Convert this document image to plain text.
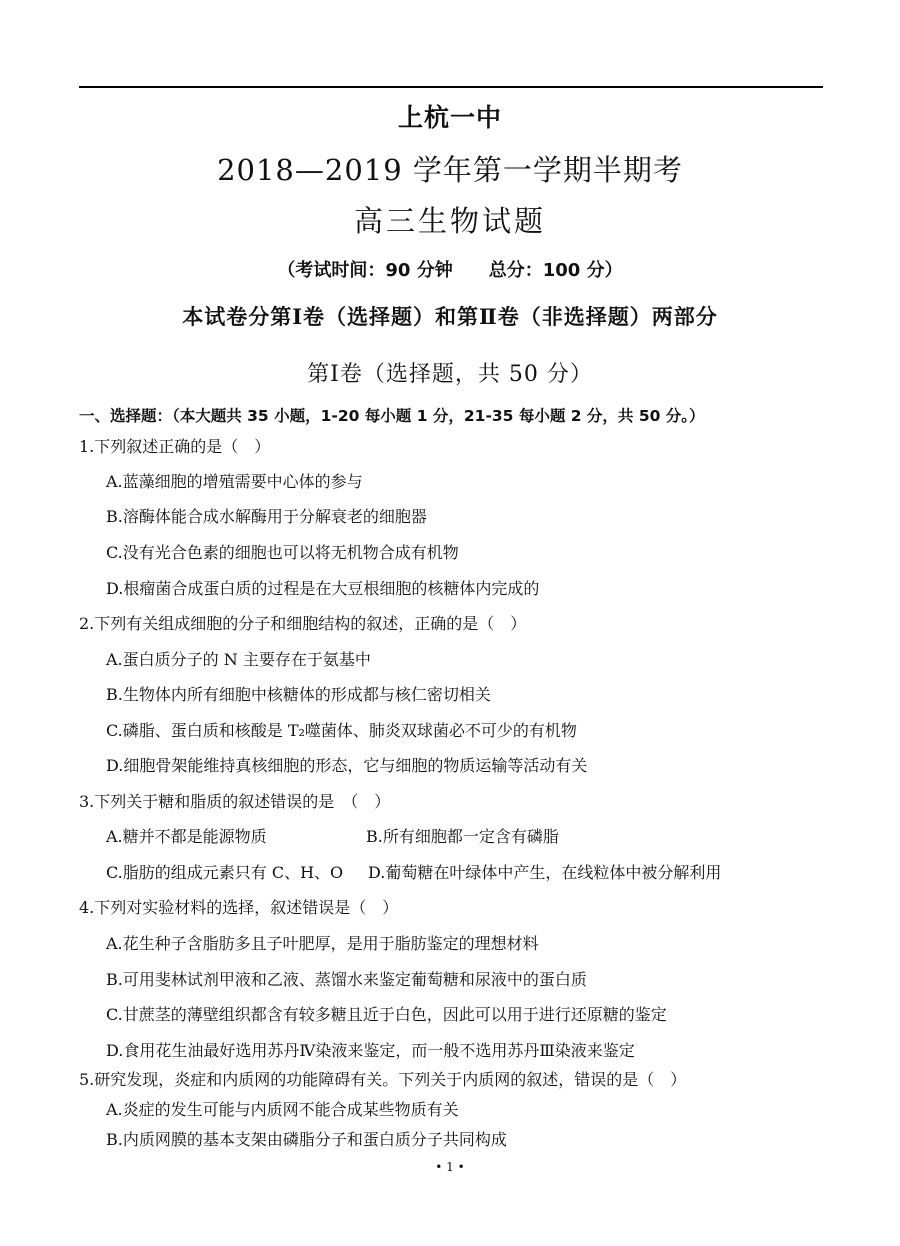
上杭一中
2018—2019 学年第一学期半期考
高三生物试题
（考试时间：90 分钟 总分：100 分）
本试卷分第Ⅰ卷（选择题）和第Ⅱ卷（非选择题）两部分
第Ⅰ卷（选择题，共 50 分）
一、选择题：（本大题共 35 小题，1-20 每小题 1 分，21-35 每小题 2 分，共 50 分。）
1.下列叙述正确的是（　）
A.蓝藻细胞的增殖需要中心体的参与
B.溶酶体能合成水解酶用于分解衰老的细胞器
C.没有光合色素的细胞也可以将无机物合成有机物
D.根瘤菌合成蛋白质的过程是在大豆根细胞的核糖体内完成的
2.下列有关组成细胞的分子和细胞结构的叙述，正确的是（　）
A.蛋白质分子的 N 主要存在于氨基中
B.生物体内所有细胞中核糖体的形成都与核仁密切相关
C.磷脂、蛋白质和核酸是 T₂噬菌体、肺炎双球菌必不可少的有机物
D.细胞骨架能维持真核细胞的形态，它与细胞的物质运输等活动有关
3.下列关于糖和脂质的叙述错误的是　（　）
A.糖并不都是能源物质	B.所有细胞都一定含有磷脂
C.脂肪的组成元素只有 C、H、O D.葡萄糖在叶绿体中产生，在线粒体中被分解利用
4.下列对实验材料的选择，叙述错误是（　）
A.花生种子含脂肪多且子叶肥厚，是用于脂肪鉴定的理想材料
B.可用斐林试剂甲液和乙液、蒸馏水来鉴定葡萄糖和尿液中的蛋白质
C.甘蔗茎的薄壁组织都含有较多糖且近于白色，因此可以用于进行还原糖的鉴定
D.食用花生油最好选用苏丹Ⅳ染液来鉴定，而一般不选用苏丹Ⅲ染液来鉴定
5.研究发现，炎症和内质网的功能障碍有关。下列关于内质网的叙述，错误的是（　）
A.炎症的发生可能与内质网不能合成某些物质有关
B.内质网膜的基本支架由磷脂分子和蛋白质分子共同构成
• 1 •
